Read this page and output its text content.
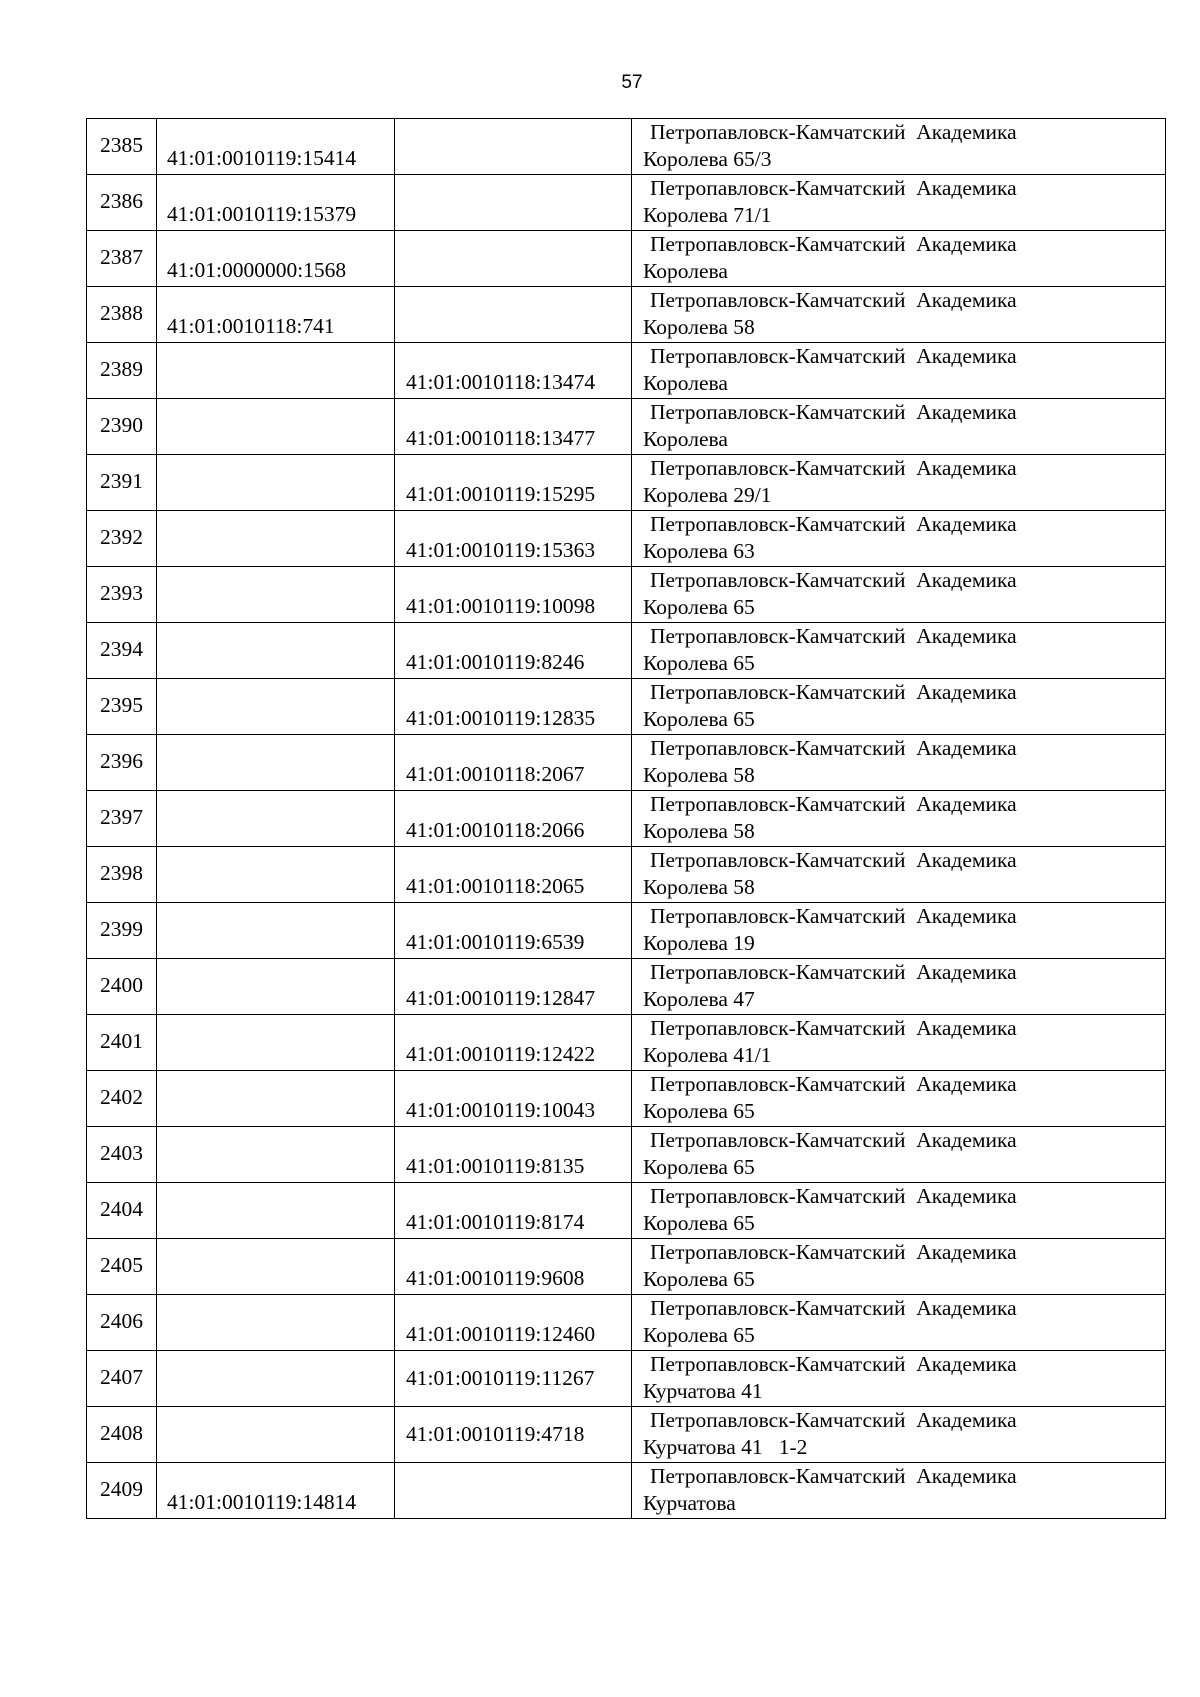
57
2385	41:01:0010119:15414		Петропавловск-Камчатский  Академика
Королева 65/3

2386	41:01:0010119:15379		Петропавловск-Камчатский  Академика
Королева 71/1

2387	41:01:0000000:1568		Петропавловск-Камчатский  Академика
Королева

2388	41:01:0010118:741		Петропавловск-Камчатский  Академика
Королева 58

2389		41:01:0010118:13474	Петропавловск-Камчатский  Академика
Королева

2390		41:01:0010118:13477	Петропавловск-Камчатский  Академика
Королева

2391		41:01:0010119:15295	Петропавловск-Камчатский  Академика
Королева 29/1

2392		41:01:0010119:15363	Петропавловск-Камчатский  Академика
Королева 63

2393		41:01:0010119:10098	Петропавловск-Камчатский  Академика
Королева 65

2394		41:01:0010119:8246	Петропавловск-Камчатский  Академика
Королева 65

2395		41:01:0010119:12835	Петропавловск-Камчатский  Академика
Королева 65

2396		41:01:0010118:2067	Петропавловск-Камчатский  Академика
Королева 58

2397		41:01:0010118:2066	Петропавловск-Камчатский  Академика
Королева 58

2398		41:01:0010118:2065	Петропавловск-Камчатский  Академика
Королева 58

2399		41:01:0010119:6539	Петропавловск-Камчатский  Академика
Королева 19

2400		41:01:0010119:12847	Петропавловск-Камчатский  Академика
Королева 47

2401		41:01:0010119:12422	Петропавловск-Камчатский  Академика
Королева 41/1

2402		41:01:0010119:10043	Петропавловск-Камчатский  Академика
Королева 65

2403		41:01:0010119:8135	Петропавловск-Камчатский  Академика
Королева 65

2404		41:01:0010119:8174	Петропавловск-Камчатский  Академика
Королева 65

2405		41:01:0010119:9608	Петропавловск-Камчатский  Академика
Королева 65

2406		41:01:0010119:12460	Петропавловск-Камчатский  Академика
Королева 65

2407		41:01:0010119:11267	Петропавловск-Камчатский  Академика
Курчатова 41

2408		41:01:0010119:4718	Петропавловск-Камчатский  Академика
Курчатова 41   1-2

2409	41:01:0010119:14814		Петропавловск-Камчатский  Академика
Курчатова
